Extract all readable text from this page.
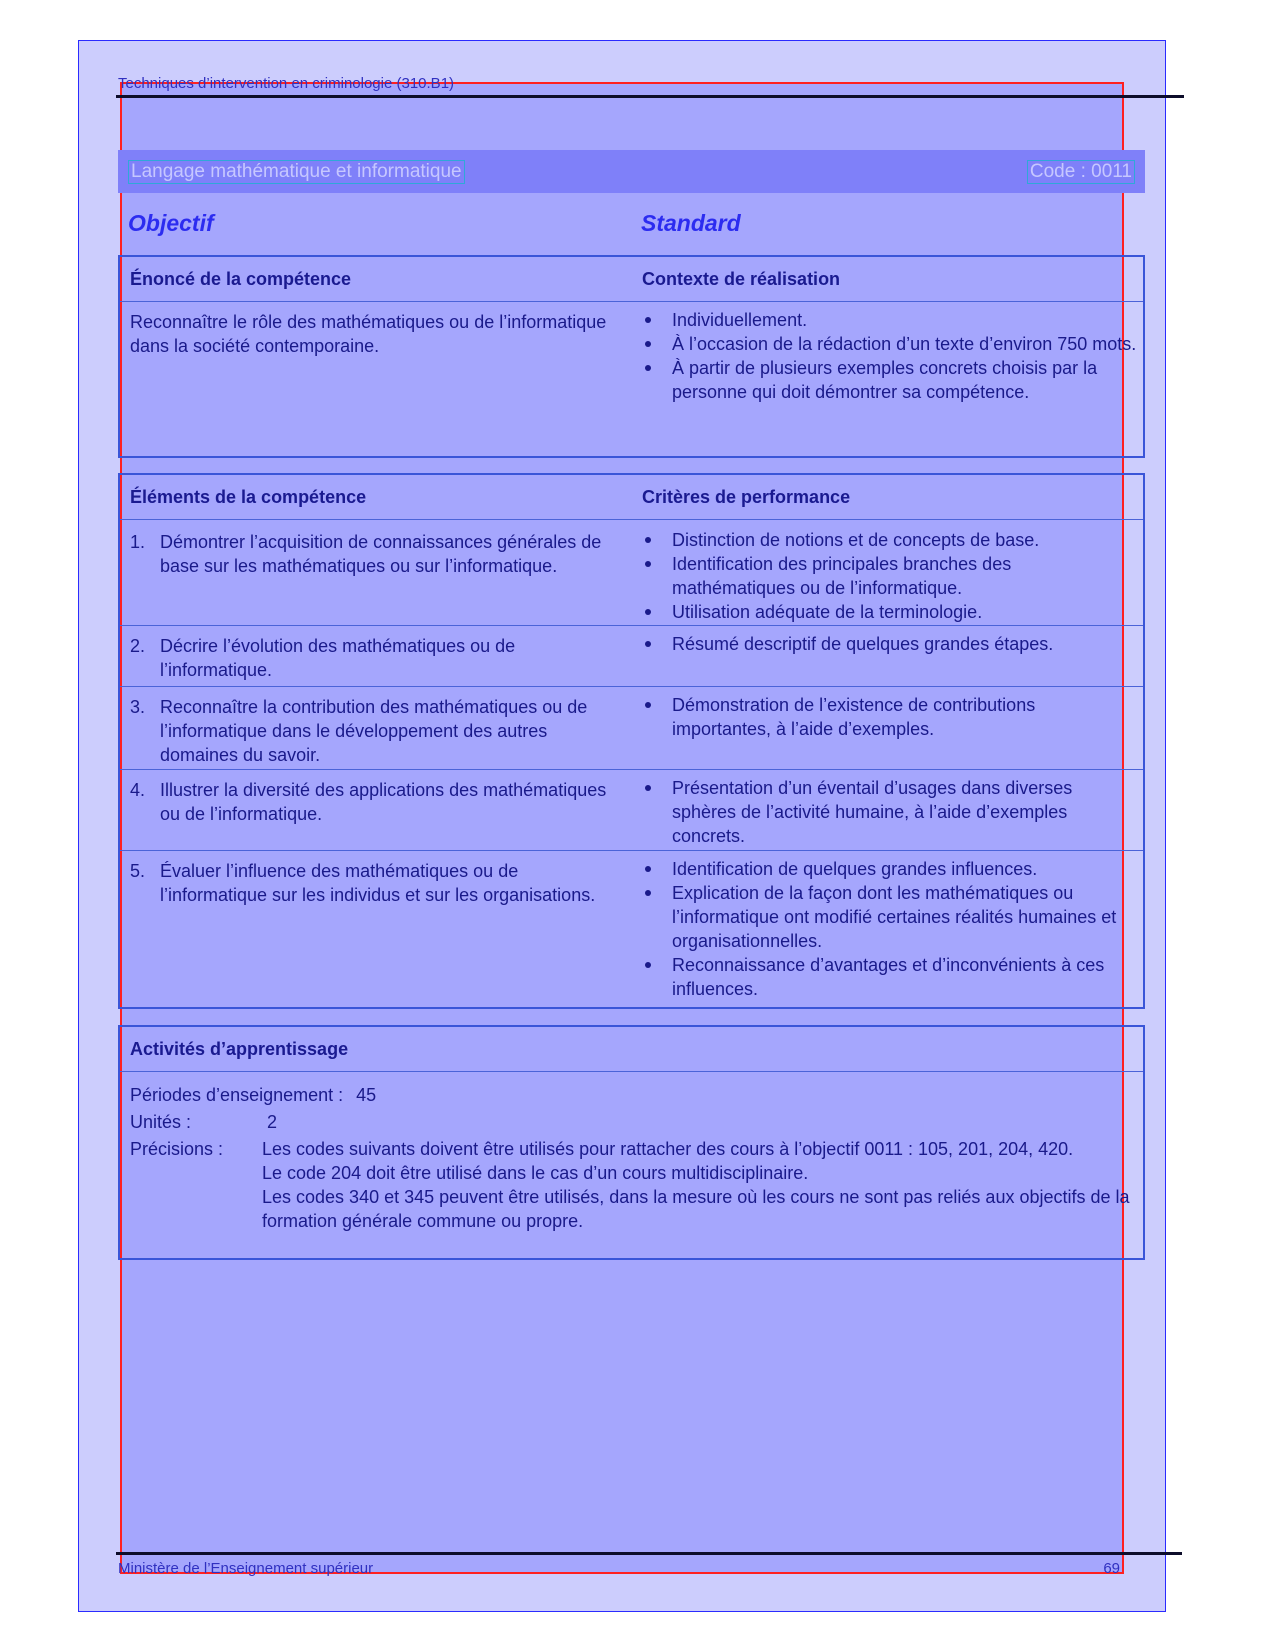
Techniques d’intervention en criminologie (310.B1)
Langage mathématique et informatique	Code : 0011
Objectif	Standard
Énoncé de la compétence	Contexte de réalisation
Reconnaître le rôle des mathématiques ou de l’informatique dans la société contemporaine.
Individuellement.
À l’occasion de la rédaction d’un texte d’environ 750 mots.
À partir de plusieurs exemples concrets choisis par la personne qui doit démontrer sa compétence.
Éléments de la compétence	Critères de performance
1. Démontrer l’acquisition de connaissances générales de base sur les mathématiques ou sur l’informatique.
Distinction de notions et de concepts de base.
Identification des principales branches des mathématiques ou de l’informatique.
Utilisation adéquate de la terminologie.
2. Décrire l’évolution des mathématiques ou de l’informatique.
Résumé descriptif de quelques grandes étapes.
3. Reconnaître la contribution des mathématiques ou de l’informatique dans le développement des autres domaines du savoir.
Démonstration de l’existence de contributions importantes, à l’aide d’exemples.
4. Illustrer la diversité des applications des mathématiques ou de l’informatique.
Présentation d’un éventail d’usages dans diverses sphères de l’activité humaine, à l’aide d’exemples concrets.
5. Évaluer l’influence des mathématiques ou de l’informatique sur les individus et sur les organisations.
Identification de quelques grandes influences.
Explication de la façon dont les mathématiques ou l’informatique ont modifié certaines réalités humaines et organisationnelles.
Reconnaissance d’avantages et d’inconvénients à ces influences.
Activités d’apprentissage
Périodes d’enseignement : 45
Unités :	2
Précisions : Les codes suivants doivent être utilisés pour rattacher des cours à l’objectif 0011 : 105, 201, 204, 420.
Le code 204 doit être utilisé dans le cas d’un cours multidisciplinaire.
Les codes 340 et 345 peuvent être utilisés, dans la mesure où les cours ne sont pas reliés aux objectifs de la formation générale commune ou propre.
Ministère de l’Enseignement supérieur	69
